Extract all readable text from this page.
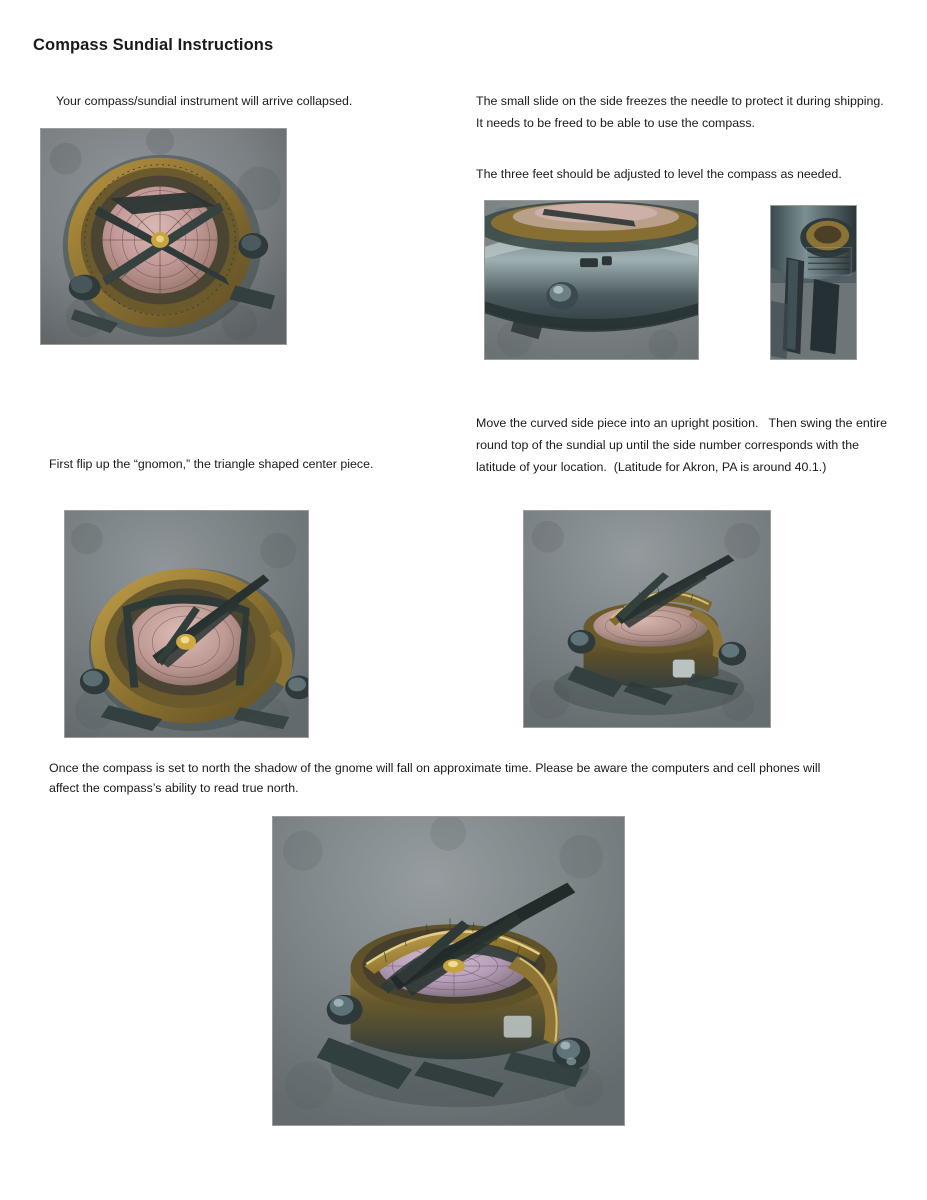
Compass Sundial Instructions
Your compass/sundial instrument will arrive collapsed.	The small slide on the side freezes the needle to protect it during shipping.  It needs to be freed to be able to use the compass.
The three feet should be adjusted to level the compass as needed.
First flip up the “gnomon,” the triangle shaped center piece.
Move the curved side piece into an upright position.   Then swing the entire round top of the sundial up until the side number corresponds with the latitude of your location.  (Latitude for Akron, PA is around 40.1.)
Once the compass is set to north the shadow of the gnome will fall on approximate time. Please be aware the computers and cell phones will affect the compass’s ability to read true north.
